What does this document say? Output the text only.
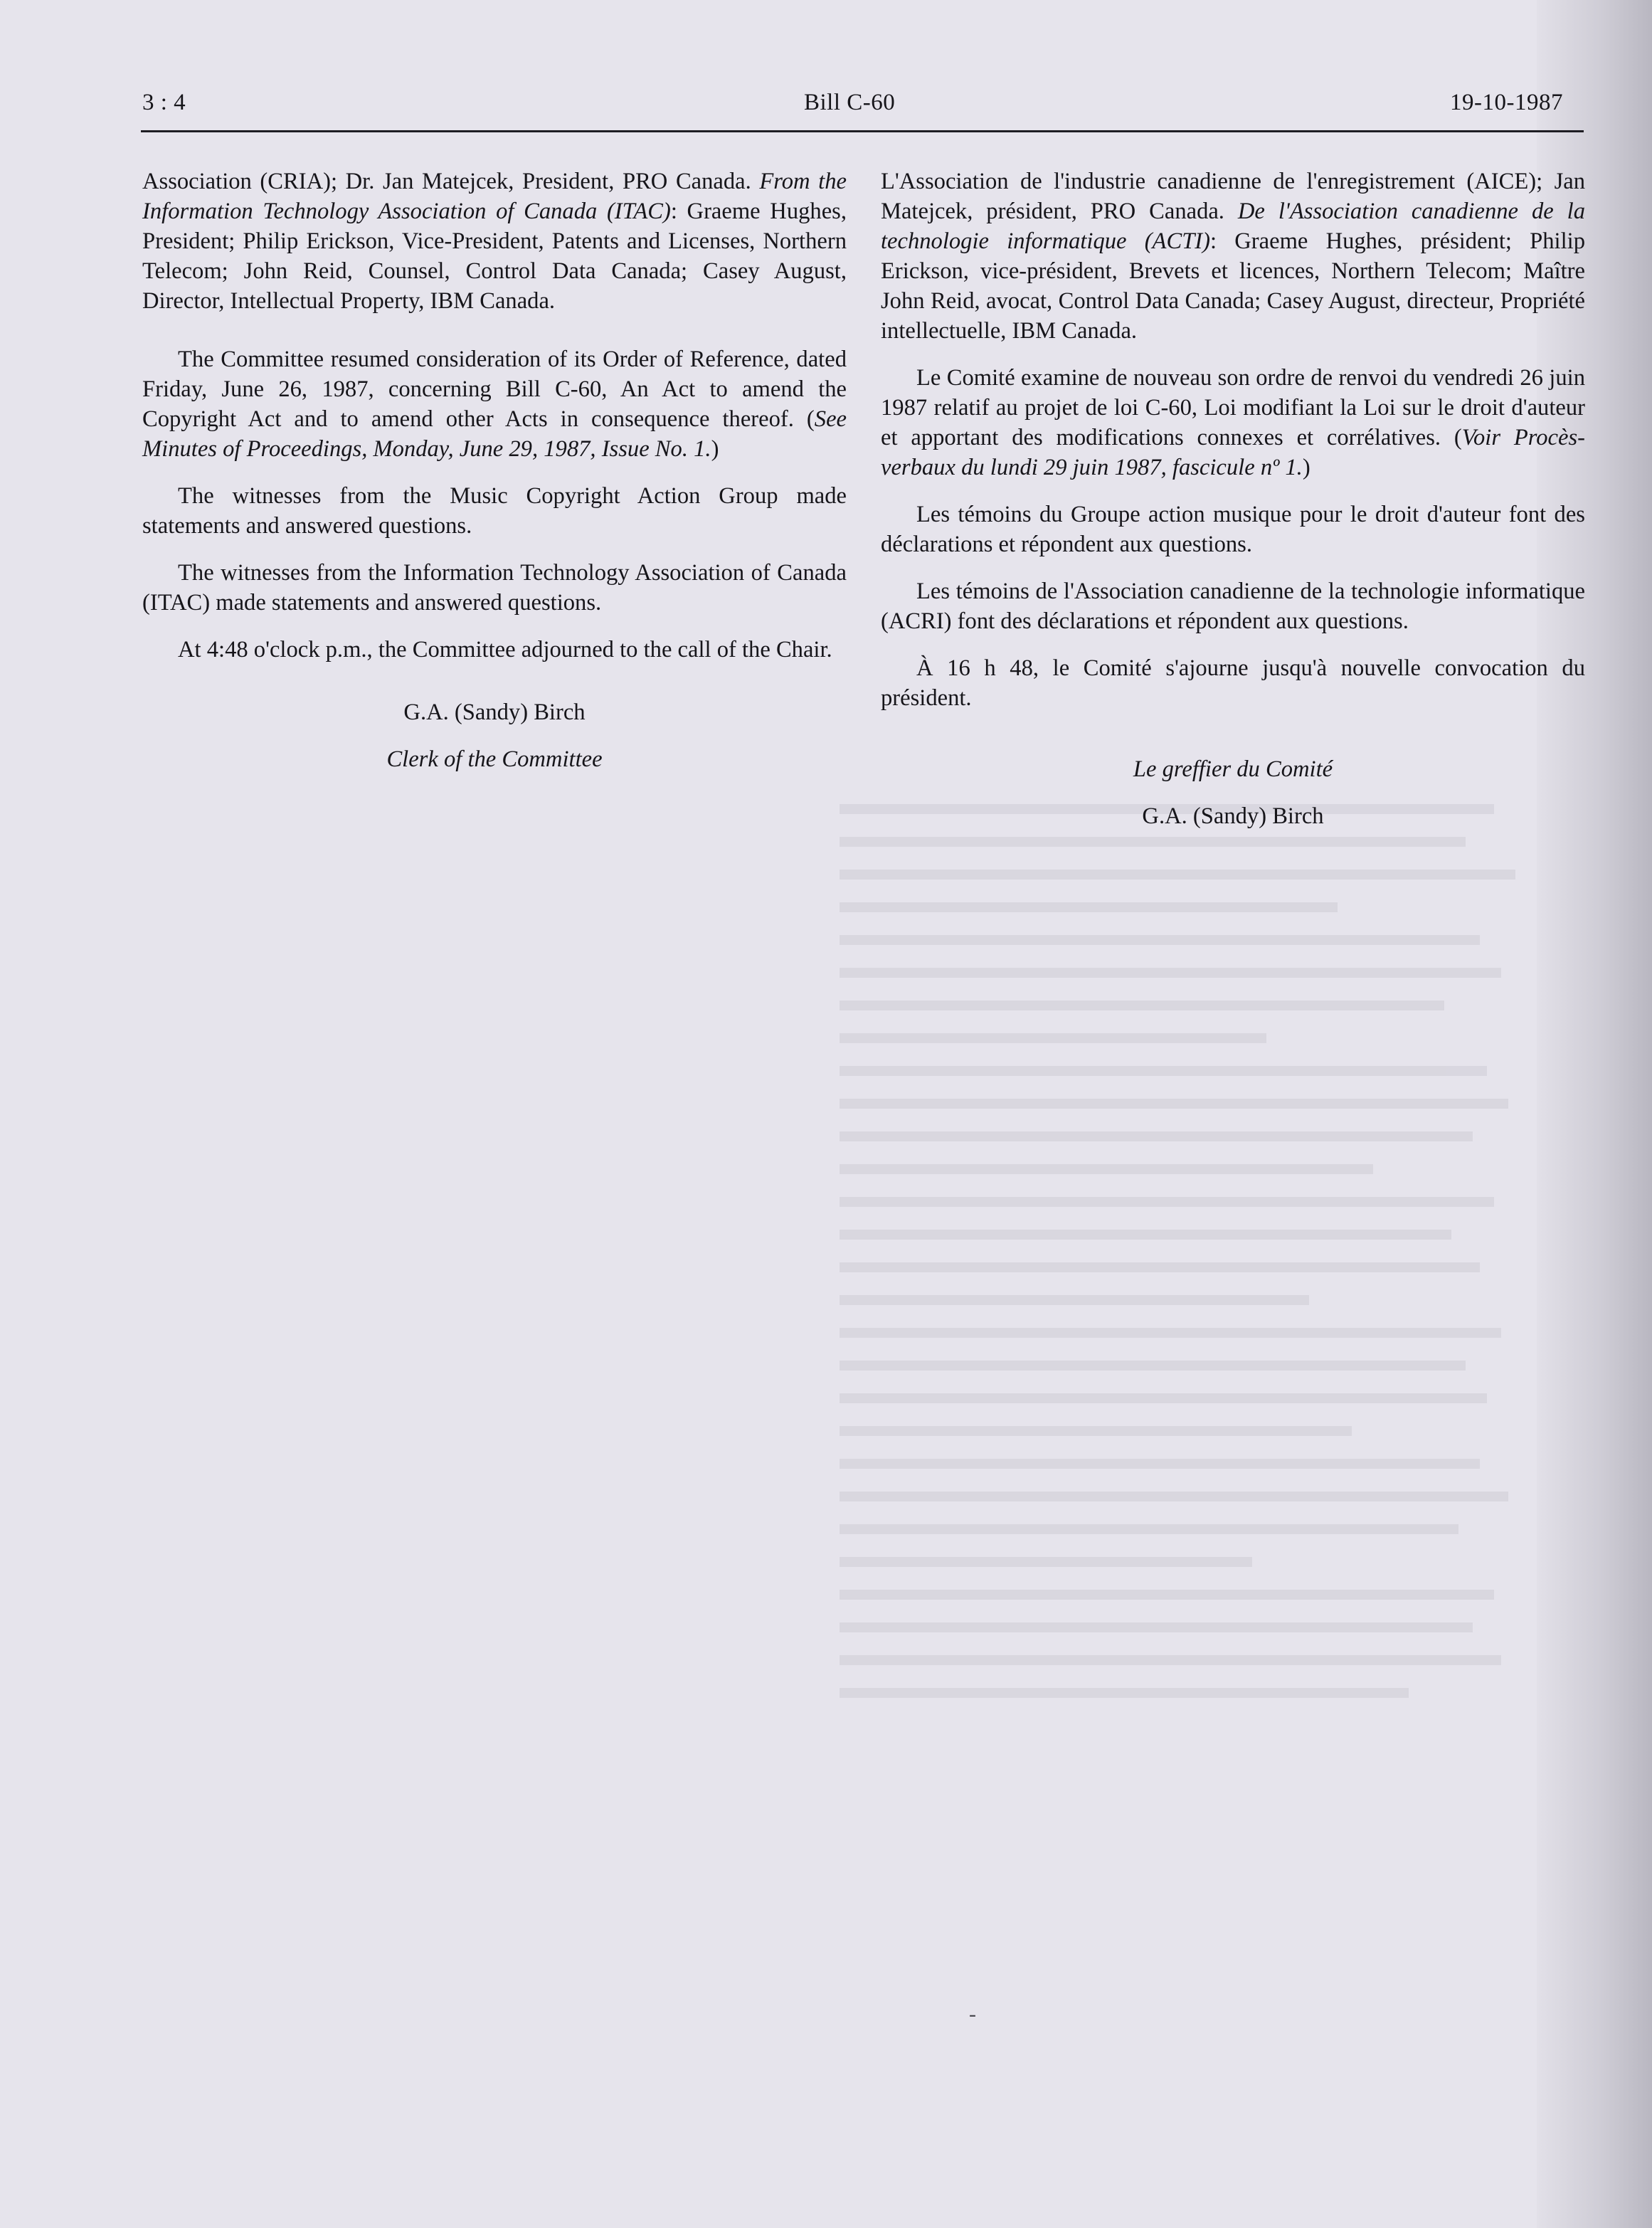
3 : 4	Bill C-60	19-10-1987

Association (CRIA); Dr. Jan Matejcek, President, PRO Canada. From the Information Technology Association of Canada (ITAC): Graeme Hughes, President; Philip Erickson, Vice-President, Patents and Licenses, Northern Telecom; John Reid, Counsel, Control Data Canada; Casey August, Director, Intellectual Property, IBM Canada.

The Committee resumed consideration of its Order of Reference, dated Friday, June 26, 1987, concerning Bill C-60, An Act to amend the Copyright Act and to amend other Acts in consequence thereof. (See Minutes of Proceedings, Monday, June 29, 1987, Issue No. 1.)

The witnesses from the Music Copyright Action Group made statements and answered questions.

The witnesses from the Information Technology Association of Canada (ITAC) made statements and answered questions.

At 4:48 o'clock p.m., the Committee adjourned to the call of the Chair.

G.A. (Sandy) Birch

Clerk of the Committee

L'Association de l'industrie canadienne de l'enregistrement (AICE); Jan Matejcek, président, PRO Canada. De l'Association canadienne de la technologie informatique (ACTI): Graeme Hughes, président; Philip Erickson, vice-président, Brevets et licences, Northern Telecom; Maître John Reid, avocat, Control Data Canada; Casey August, directeur, Propriété intellectuelle, IBM Canada.

Le Comité examine de nouveau son ordre de renvoi du vendredi 26 juin 1987 relatif au projet de loi C-60, Loi modifiant la Loi sur le droit d'auteur et apportant des modifications connexes et corrélatives. (Voir Procès-verbaux du lundi 29 juin 1987, fascicule nº 1.)

Les témoins du Groupe action musique pour le droit d'auteur font des déclarations et répondent aux questions.

Les témoins de l'Association canadienne de la technologie informatique (ACRI) font des déclarations et répondent aux questions.

À 16 h 48, le Comité s'ajourne jusqu'à nouvelle convocation du président.

Le greffier du Comité

G.A. (Sandy) Birch

-
